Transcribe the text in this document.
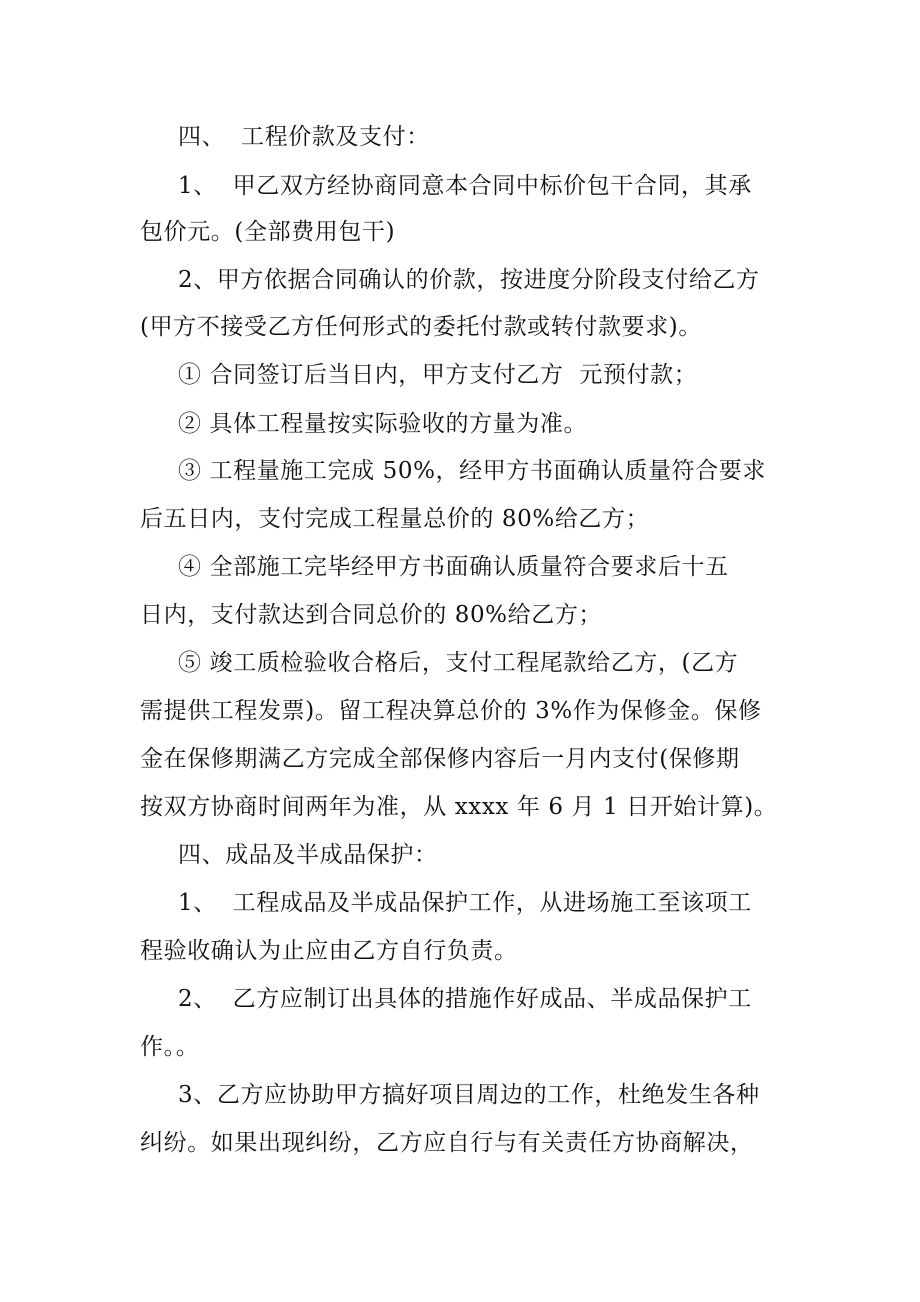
四、  工程价款及支付：
1、  甲乙双方经协商同意本合同中标价包干合同，其承
包价元。(全部费用包干)
2、甲方依据合同确认的价款，按进度分阶段支付给乙方
(甲方不接受乙方任何形式的委托付款或转付款要求)。
① 合同签订后当日内，甲方支付乙方  元预付款；
② 具体工程量按实际验收的方量为准。
③ 工程量施工完成 50%，经甲方书面确认质量符合要求
后五日内，支付完成工程量总价的 80%给乙方；
④ 全部施工完毕经甲方书面确认质量符合要求后十五
日内，支付款达到合同总价的 80%给乙方；
⑤ 竣工质检验收合格后，支付工程尾款给乙方，(乙方
需提供工程发票)。留工程决算总价的 3%作为保修金。保修
金在保修期满乙方完成全部保修内容后一月内支付(保修期
按双方协商时间两年为准，从 xxxx 年 6 月 1 日开始计算)。
四、成品及半成品保护：
1、  工程成品及半成品保护工作，从进场施工至该项工
程验收确认为止应由乙方自行负责。
2、  乙方应制订出具体的措施作好成品、半成品保护工
作。。
3、乙方应协助甲方搞好项目周边的工作，杜绝发生各种
纠纷。如果出现纠纷，乙方应自行与有关责任方协商解决，
